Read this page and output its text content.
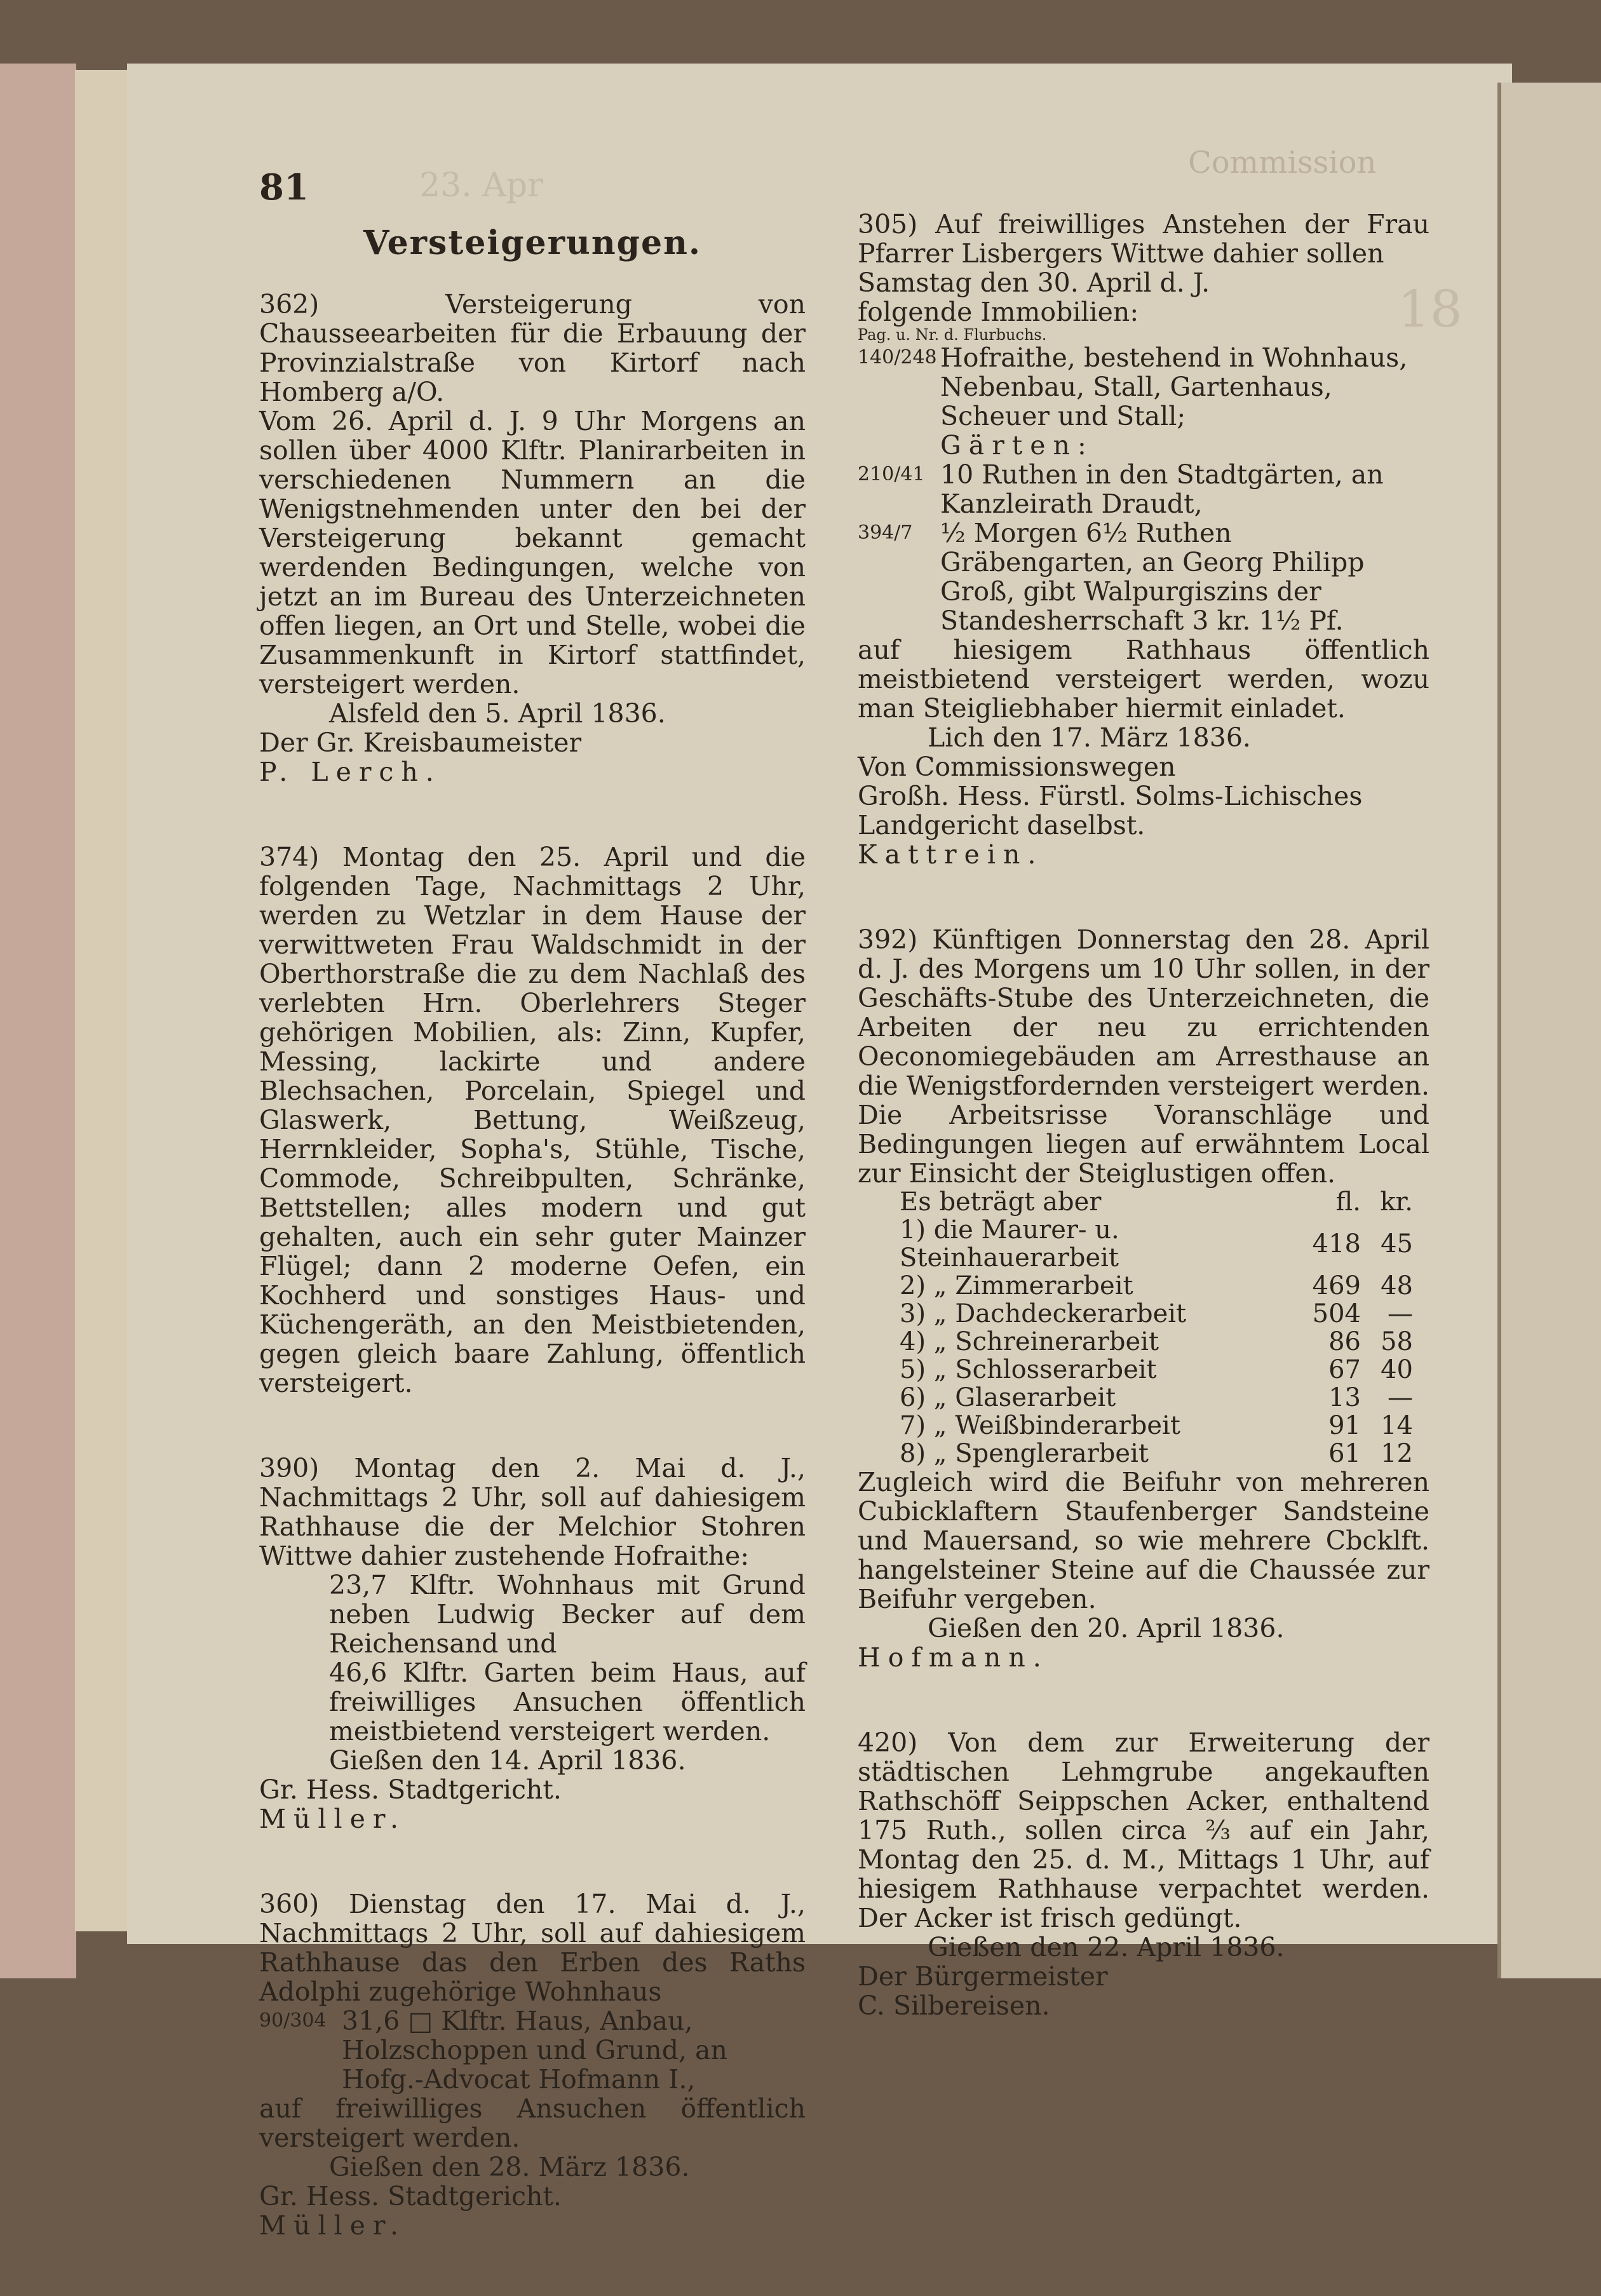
81
Versteigerungen.

362) Versteigerung von Chausseearbeiten für die Erbauung der Provinzialstraße von Kirtorf nach Homberg a/O.

Vom 26. April d. J. 9 Uhr Morgens an sollen über 4000 Klftr. Planirarbeiten in verschiedenen Nummern an die Wenigstnehmenden unter den bei der Versteigerung bekannt gemacht werdenden Bedingungen, welche von jetzt an im Bureau des Unterzeichneten offen liegen, an Ort und Stelle, wobei die Zusammenkunft in Kirtorf stattfindet, versteigert werden.

Alsfeld den 5. April 1836.

Der Gr. Kreisbaumeister

P. Lerch.

374) Montag den 25. April und die folgenden Tage, Nachmittags 2 Uhr, werden zu Wetzlar in dem Hause der verwittweten Frau Waldschmidt in der Oberthorstraße die zu dem Nachlaß des verlebten Hrn. Oberlehrers Steger gehörigen Mobilien, als: Zinn, Kupfer, Messing, lackirte und andere Blechsachen, Porcelain, Spiegel und Glaswerk, Bettung, Weißzeug, Herrnkleider, Sopha's, Stühle, Tische, Commode, Schreibpulten, Schränke, Bettstellen; alles modern und gut gehalten, auch ein sehr guter Mainzer Flügel; dann 2 moderne Oefen, ein Kochherd und sonstiges Haus- und Küchengeräth, an den Meistbietenden, gegen gleich baare Zahlung, öffentlich versteigert.

390) Montag den 2. Mai d. J., Nachmittags 2 Uhr, soll auf dahiesigem Rathhause die der Melchior Stohren Wittwe dahier zustehende Hofraithe:

23,7 Klftr. Wohnhaus mit Grund neben Ludwig Becker auf dem Reichensand und

46,6 Klftr. Garten beim Haus, auf freiwilliges Ansuchen öffentlich meistbietend versteigert werden.

Gießen den 14. April 1836.

Gr. Hess. Stadtgericht.

Müller.

360) Dienstag den 17. Mai d. J., Nachmittags 2 Uhr, soll auf dahiesigem Rathhause das den Erben des Raths Adolphi zugehörige Wohnhaus

90/304 31,6 □ Klftr. Haus, Anbau, Holzschoppen und Grund, an Hofg.-Advocat Hofmann I.,

auf freiwilliges Ansuchen öffentlich versteigert werden.

Gießen den 28. März 1836.

Gr. Hess. Stadtgericht.

Müller.

305) Auf freiwilliges Anstehen der Frau Pfarrer Lisbergers Wittwe dahier sollen

Samstag den 30. April d. J.

folgende Immobilien:

Pag. u. Nr. d. Flurbuchs.

140/248 Hofraithe, bestehend in Wohnhaus, Nebenbau, Stall, Gartenhaus, Scheuer und Stall;
Gärten:
210/41 10 Ruthen in den Stadtgärten, an Kanzleirath Draudt,
394/7	½ Morgen 6½ Ruthen Gräbengarten, an Georg Philipp Groß, gibt Walpurgiszins der Standesherrschaft 3 kr. 1½ Pf.

auf hiesigem Rathhaus öffentlich meistbietend versteigert werden, wozu man Steigliebhaber hiermit einladet.

Lich den 17. März 1836.

Von Commissionswegen

Großh. Hess. Fürstl. Solms-Lichisches

Landgericht daselbst.

Kattrein.

392) Künftigen Donnerstag den 28. April d. J. des Morgens um 10 Uhr sollen, in der Geschäfts-Stube des Unterzeichneten, die Arbeiten der neu zu errichtenden Oeconomiegebäuden am Arresthause an die Wenigstfordernden versteigert werden. Die Arbeitsrisse Voranschläge und Bedingungen liegen auf erwähntem Local zur Einsicht der Steiglustigen offen.

Es beträgt aber	fl.	kr.
1) die Maurer- u. Steinhauerarbeit	418	45
2) „ Zimmerarbeit	469	48
3) „ Dachdeckerarbeit	504	—
4) „ Schreinerarbeit	86	58
5) „ Schlosserarbeit	67	40
6) „ Glaserarbeit	13	—
7) „ Weißbinderarbeit	91	14
8) „ Spenglerarbeit	61	12

Zugleich wird die Beifuhr von mehreren Cubicklaftern Staufenberger Sandsteine und Mauersand, so wie mehrere Cbcklft. hangelsteiner Steine auf die Chaussée zur Beifuhr vergeben.

Gießen den 20. April 1836.

Hofmann.

420) Von dem zur Erweiterung der städtischen Lehmgrube angekauften Rathschöff Seippschen Acker, enthaltend 175 Ruth., sollen circa ⅔ auf ein Jahr, Montag den 25. d. M., Mittags 1 Uhr, auf hiesigem Rathhause verpachtet werden. Der Acker ist frisch gedüngt.

Gießen den 22. April 1836.

Der Bürgermeister

C. Silbereisen.

Commission
23. Apr
18
